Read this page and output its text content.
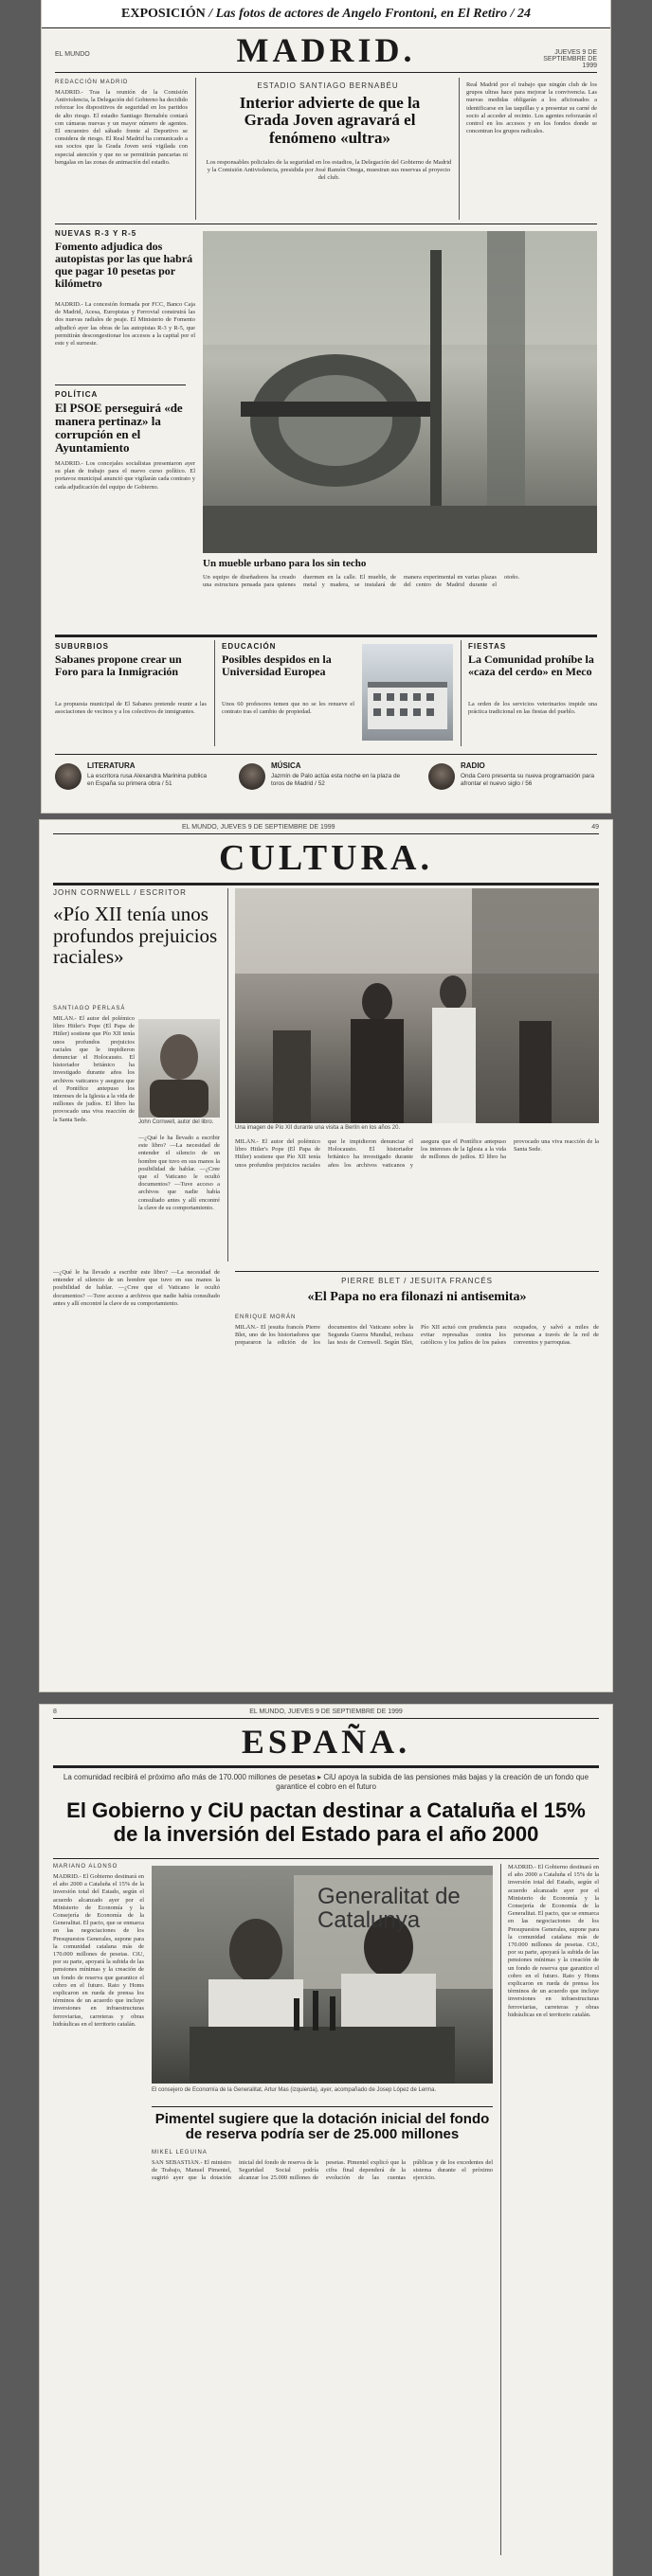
EXPOSICIÓN / Las fotos de actores de Angelo Frontoni, en El Retiro / 24
EL MUNDO	JUEVES 9 DE SEPTIEMBRE DE 1999
MADRID.
REDACCIÓN MADRID
MADRID.- Tras la reunión de la Comisión Antiviolencia, la Delegación del Gobierno ha decidido reforzar los dispositivos de seguridad en los partidos de alto riesgo. El estadio Santiago Bernabéu contará con cámaras nuevas y un mayor número de agentes. El encuentro del sábado frente al Deportivo se considera de riesgo. El Real Madrid ha comunicado a sus socios que la Grada Joven será vigilada con especial atención y que no se permitirán pancartas ni bengalas en las zonas de animación del estadio.
ESTADIO SANTIAGO BERNABÉU
Interior advierte de que la Grada Joven agravará el fenómeno «ultra»
Los responsables policiales de la seguridad en los estadios, la Delegación del Gobierno de Madrid y la Comisión Antiviolencia, presidida por José Ramón Onega, muestran sus reservas al proyecto del club.
Real Madrid por el trabajo que ningún club de los grupos ultras hace para mejorar la convivencia. Las nuevas medidas obligarán a los aficionados a identificarse en las taquillas y a presentar su carné de socio al acceder al recinto. Los agentes reforzarán el control en los accesos y en los fondos donde se concentran los grupos radicales.
NUEVAS R-3 Y R-5
Fomento adjudica dos autopistas por las que habrá que pagar 10 pesetas por kilómetro
MADRID.- La concesión formada por FCC, Banco Caja de Madrid, Acesa, Europistas y Ferrovial construirá las dos nuevas radiales de peaje. El Ministerio de Fomento adjudicó ayer las obras de las autopistas R-3 y R-5, que permitirán descongestionar los accesos a la capital por el este y el suroeste.
POLÍTICA
El PSOE perseguirá «de manera pertinaz» la corrupción en el Ayuntamiento
MADRID.- Los concejales socialistas presentaron ayer su plan de trabajo para el nuevo curso político. El portavoz municipal anunció que vigilarán cada contrato y cada adjudicación del equipo de Gobierno.
Un mueble urbano para los sin techo
Un equipo de diseñadores ha creado una estructura pensada para quienes duermen en la calle. El mueble, de metal y madera, se instalará de manera experimental en varias plazas del centro de Madrid durante el otoño.
SUBURBIOS
Sabanes propone crear un Foro para la Inmigración
La propuesta municipal de El Sabanes pretende reunir a las asociaciones de vecinos y a los colectivos de inmigrantes.
EDUCACIÓN
Posibles despidos en la Universidad Europea
Unos 60 profesores temen que no se les renueve el contrato tras el cambio de propiedad.
FIESTAS
La Comunidad prohíbe la «caza del cerdo» en Meco
La orden de los servicios veterinarios impide una práctica tradicional en las fiestas del pueblo.
LITERATURA
La escritora rusa Alexandra Marinina publica en España su primera obra / 51
MÚSICA
Jazmín de Palo actúa esta noche en la plaza de toros de Madrid / 52
RADIO
Onda Cero presenta su nueva programación para afrontar el nuevo siglo / 56
EL MUNDO, JUEVES 9 DE SEPTIEMBRE DE 1999	49
CULTURA.
JOHN CORNWELL / ESCRITOR
«Pío XII tenía unos profundos prejuicios raciales»
SANTIAGO PERLASÁ
MILÁN.- El autor del polémico libro Hitler's Pope (El Papa de Hitler) sostiene que Pío XII tenía unos profundos prejuicios raciales que le impidieron denunciar el Holocausto. El historiador británico ha investigado durante años los archivos vaticanos y asegura que el Pontífice antepuso los intereses de la Iglesia a la vida de millones de judíos. El libro ha provocado una viva reacción de la Santa Sede.	John Cornwell, autor del libro.
—¿Qué le ha llevado a escribir este libro? —La necesidad de entender el silencio de un hombre que tuvo en sus manos la posibilidad de hablar. —¿Cree que el Vaticano le ocultó documentos? —Tuve acceso a archivos que nadie había consultado antes y allí encontré la clave de su comportamiento.
Una imagen de Pío XII durante una visita a Berlín en los años 20.
MILÁN.- El autor del polémico libro Hitler's Pope (El Papa de Hitler) sostiene que Pío XII tenía unos profundos prejuicios raciales que le impidieron denunciar el Holocausto. El historiador británico ha investigado durante años los archivos vaticanos y asegura que el Pontífice antepuso los intereses de la Iglesia a la vida de millones de judíos. El libro ha provocado una viva reacción de la Santa Sede.
PIERRE BLET / JESUITA FRANCÉS
«El Papa no era filonazi ni antisemita»
ENRIQUE MORÁN
MILÁN.- El jesuita francés Pierre Blet, uno de los historiadores que prepararon la edición de los documentos del Vaticano sobre la Segunda Guerra Mundial, rechaza las tesis de Cornwell. Según Blet, Pío XII actuó con prudencia para evitar represalias contra los católicos y los judíos de los países ocupados, y salvó a miles de personas a través de la red de conventos y parroquias.
—¿Qué le ha llevado a escribir este libro? —La necesidad de entender el silencio de un hombre que tuvo en sus manos la posibilidad de hablar. —¿Cree que el Vaticano le ocultó documentos? —Tuve acceso a archivos que nadie había consultado antes y allí encontré la clave de su comportamiento.
8	EL MUNDO, JUEVES 9 DE SEPTIEMBRE DE 1999
ESPAÑA.
La comunidad recibirá el próximo año más de 170.000 millones de pesetas ▸ CiU apoya la subida de las pensiones más bajas y la creación de un fondo que garantice el cobro en el futuro
El Gobierno y CiU pactan destinar a Cataluña el 15% de la inversión del Estado para el año 2000
MARIANO ALONSO
MADRID.- El Gobierno destinará en el año 2000 a Cataluña el 15% de la inversión total del Estado, según el acuerdo alcanzado ayer por el Ministerio de Economía y la Consejería de Economía de la Generalitat. El pacto, que se enmarca en las negociaciones de los Presupuestos Generales, supone para la comunidad catalana más de 170.000 millones de pesetas. CiU, por su parte, apoyará la subida de las pensiones mínimas y la creación de un fondo de reserva que garantice el cobro en el futuro. Rato y Homs explicaron en rueda de prensa los términos de un acuerdo que incluye inversiones en infraestructuras ferroviarias, carreteras y obras hidráulicas en el territorio catalán.
Generalitat de Catalunya
El consejero de Economía de la Generalitat, Artur Mas (izquierda), ayer, acompañado de Josep López de Lerma.
Pimentel sugiere que la dotación inicial del fondo de reserva podría ser de 25.000 millones
MIKEL LEGUINA
SAN SEBASTIÁN.- El ministro de Trabajo, Manuel Pimentel, sugirió ayer que la dotación inicial del fondo de reserva de la Seguridad Social podría alcanzar los 25.000 millones de pesetas. Pimentel explicó que la cifra final dependerá de la evolución de las cuentas públicas y de los excedentes del sistema durante el próximo ejercicio.
MADRID.- El Gobierno destinará en el año 2000 a Cataluña el 15% de la inversión total del Estado, según el acuerdo alcanzado ayer por el Ministerio de Economía y la Consejería de Economía de la Generalitat. El pacto, que se enmarca en las negociaciones de los Presupuestos Generales, supone para la comunidad catalana más de 170.000 millones de pesetas. CiU, por su parte, apoyará la subida de las pensiones mínimas y la creación de un fondo de reserva que garantice el cobro en el futuro. Rato y Homs explicaron en rueda de prensa los términos de un acuerdo que incluye inversiones en infraestructuras ferroviarias, carreteras y obras hidráulicas en el territorio catalán.
